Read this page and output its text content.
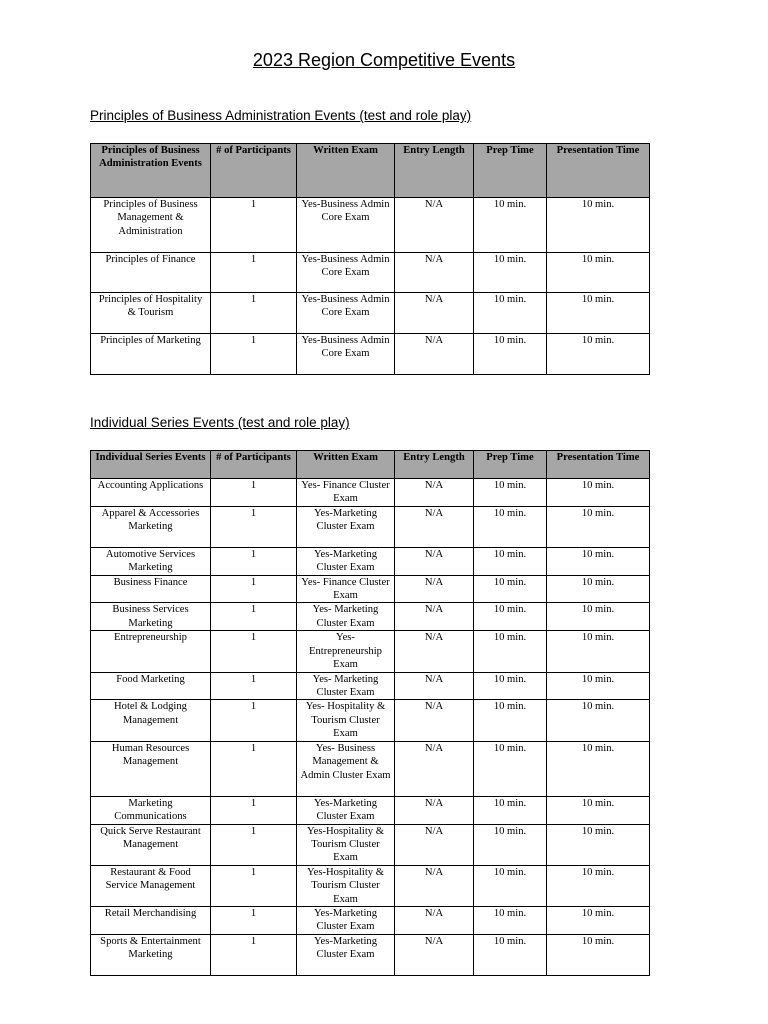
2023 Region Competitive Events
Principles of Business Administration Events (test and role play)
Principles of Business Administration Events	# of Participants	Written Exam	Entry Length	Prep Time	Presentation Time
Principles of Business Management & Administration	1	Yes-Business Admin Core Exam	N/A	10 min.	10 min.
Principles of Finance	1	Yes-Business Admin Core Exam	N/A	10 min.	10 min.
Principles of Hospitality & Tourism	1	Yes-Business Admin Core Exam	N/A	10 min.	10 min.
Principles of Marketing	1	Yes-Business Admin Core Exam	N/A	10 min.	10 min.
Individual Series Events (test and role play)
Individual Series Events	# of Participants	Written Exam	Entry Length	Prep Time	Presentation Time
Accounting Applications	1	Yes- Finance Cluster Exam	N/A	10 min.	10 min.
Apparel & Accessories Marketing	1	Yes-Marketing Cluster Exam	N/A	10 min.	10 min.
Automotive Services Marketing	1	Yes-Marketing Cluster Exam	N/A	10 min.	10 min.
Business Finance	1	Yes- Finance Cluster Exam	N/A	10 min.	10 min.
Business Services Marketing	1	Yes- Marketing Cluster Exam	N/A	10 min.	10 min.
Entrepreneurship	1	Yes-Entrepreneurship Exam	N/A	10 min.	10 min.
Food Marketing	1	Yes- Marketing Cluster Exam	N/A	10 min.	10 min.
Hotel & Lodging Management	1	Yes- Hospitality & Tourism Cluster Exam	N/A	10 min.	10 min.
Human Resources Management	1	Yes- Business Management & Admin Cluster Exam	N/A	10 min.	10 min.
Marketing Communications	1	Yes-Marketing Cluster Exam	N/A	10 min.	10 min.
Quick Serve Restaurant Management	1	Yes-Hospitality & Tourism Cluster Exam	N/A	10 min.	10 min.
Restaurant & Food Service Management	1	Yes-Hospitality & Tourism Cluster Exam	N/A	10 min.	10 min.
Retail Merchandising	1	Yes-Marketing Cluster Exam	N/A	10 min.	10 min.
Sports & Entertainment Marketing	1	Yes-Marketing Cluster Exam	N/A	10 min.	10 min.
